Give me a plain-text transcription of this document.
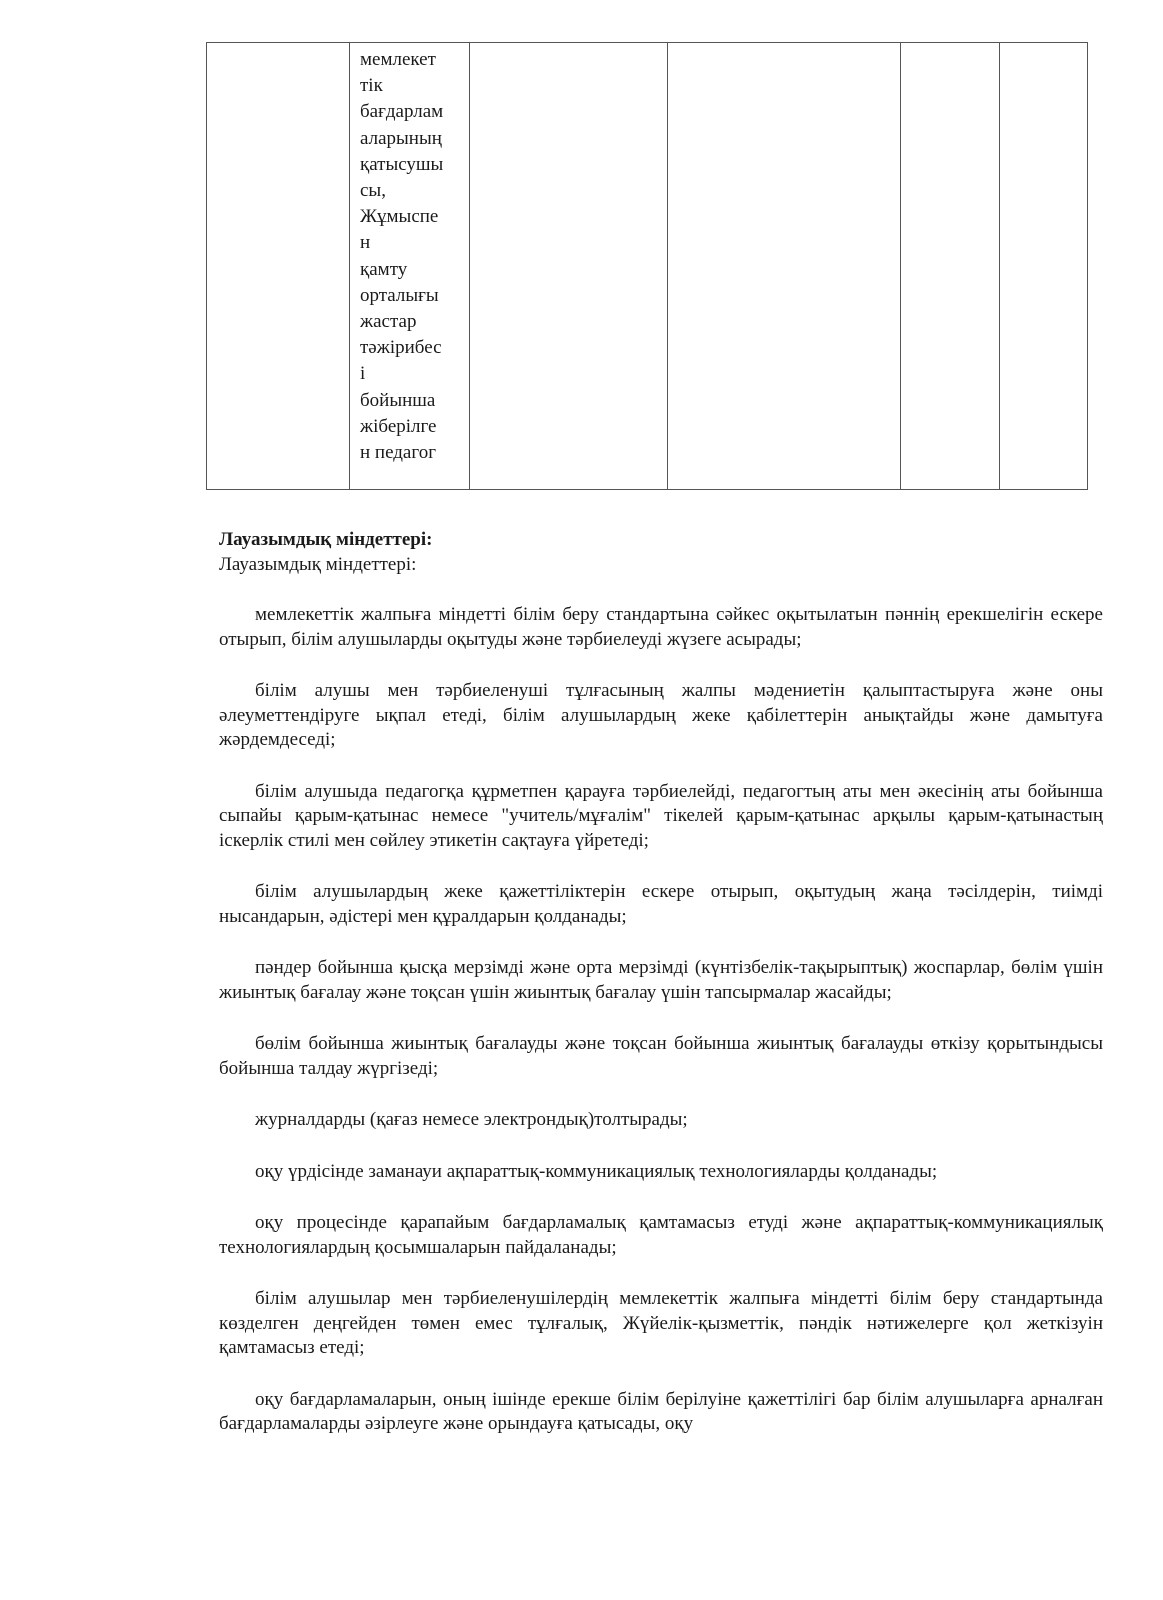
мемлекет
тік
бағдарлам
аларының
қатысушы
сы,
Жұмыспе
н
қамту
орталығы
жастар
тәжірибес
і
бойынша
жіберілге
н педагог

Лауазымдық міндеттері:

Лауазымдық міндеттері:

мемлекеттік жалпыға міндетті білім беру стандартына сәйкес оқытылатын пәннің ерекшелігін ескере отырып, білім алушыларды оқытуды және тәрбиелеуді жүзеге асырады;

білім алушы мен тәрбиеленуші тұлғасының жалпы мәдениетін қалыптастыруға және оны әлеуметтендіруге ықпал етеді, білім алушылардың жеке қабілеттерін анықтайды және дамытуға жәрдемдеседі;

білім алушыда педагогқа құрметпен қарауға тәрбиелейді, педагогтың аты мен әкесінің аты бойынша сыпайы қарым-қатынас немесе "учитель/мұғалім" тікелей қарым-қатынас арқылы қарым-қатынастың іскерлік стилі мен сөйлеу этикетін сақтауға үйретеді;

білім алушылардың жеке қажеттіліктерін ескере отырып, оқытудың жаңа тәсілдерін, тиімді нысандарын, әдістері мен құралдарын қолданады;

пәндер бойынша қысқа мерзімді және орта мерзімді (күнтізбелік-тақырыптық) жоспарлар, бөлім үшін жиынтық бағалау және тоқсан үшін жиынтық бағалау үшін тапсырмалар жасайды;

бөлім бойынша жиынтық бағалауды және тоқсан бойынша жиынтық бағалауды өткізу қорытындысы бойынша талдау жүргізеді;

журналдарды (қағаз немесе электрондық)толтырады;

оқу үрдісінде заманауи ақпараттық-коммуникациялық технологияларды қолданады;

оқу процесінде қарапайым бағдарламалық қамтамасыз етуді және ақпараттық-коммуникациялық технологиялардың қосымшаларын пайдаланады;

білім алушылар мен тәрбиеленушілердің мемлекеттік жалпыға міндетті білім беру стандартында көзделген деңгейден төмен емес тұлғалық, Жүйелік-қызметтік, пәндік нәтижелерге қол жеткізуін қамтамасыз етеді;

оқу бағдарламаларын, оның ішінде ерекше білім берілуіне қажеттілігі бар білім алушыларға арналған бағдарламаларды әзірлеуге және орындауға қатысады, оқу
